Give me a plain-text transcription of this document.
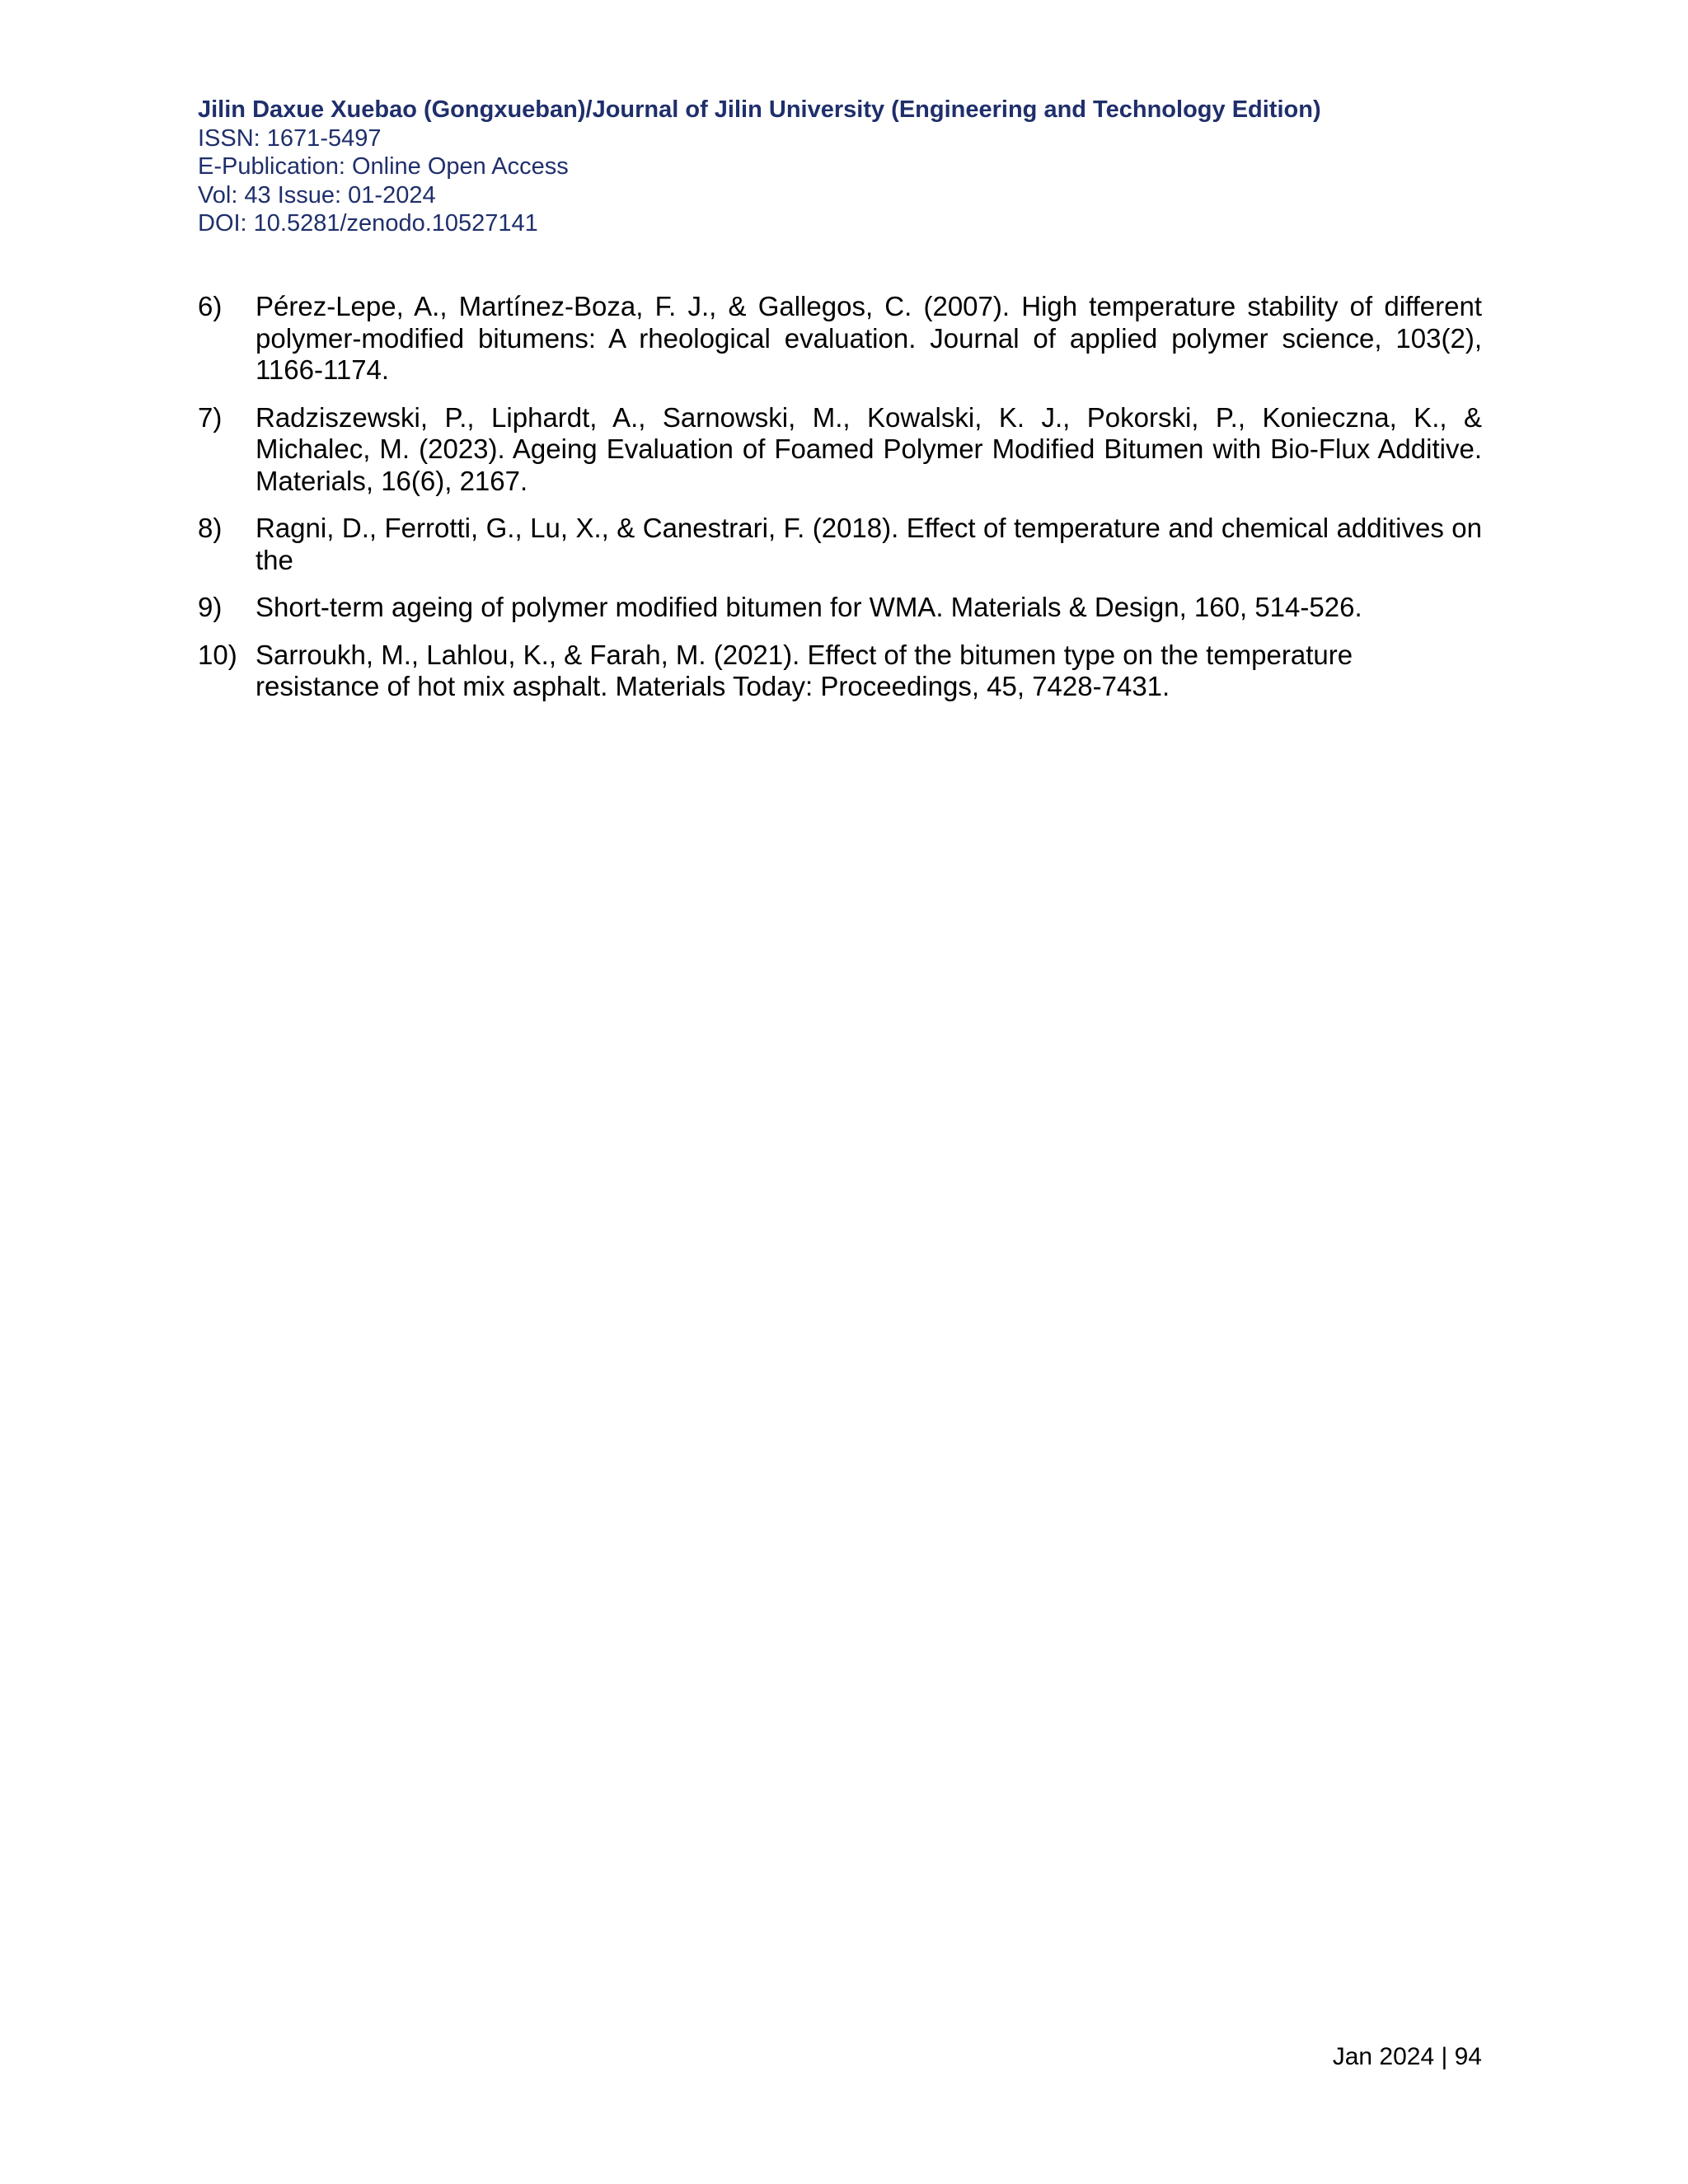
Jilin Daxue Xuebao (Gongxueban)/Journal of Jilin University (Engineering and Technology Edition)
ISSN: 1671-5497
E-Publication: Online Open Access
Vol: 43 Issue: 01-2024
DOI: 10.5281/zenodo.10527141
6)	Pérez-Lepe, A., Martínez-Boza, F. J., & Gallegos, C. (2007). High temperature stability of different polymer-modified bitumens: A rheological evaluation. Journal of applied polymer science, 103(2), 1166-1174.
7)	Radziszewski, P., Liphardt, A., Sarnowski, M., Kowalski, K. J., Pokorski, P., Konieczna, K., & Michalec, M. (2023). Ageing Evaluation of Foamed Polymer Modified Bitumen with Bio-Flux Additive. Materials, 16(6), 2167.
8)	Ragni, D., Ferrotti, G., Lu, X., & Canestrari, F. (2018). Effect of temperature and chemical additives on the
9)	Short-term ageing of polymer modified bitumen for WMA. Materials & Design, 160, 514-526.
10) Sarroukh, M., Lahlou, K., & Farah, M. (2021). Effect of the bitumen type on the temperature resistance of hot mix asphalt. Materials Today: Proceedings, 45, 7428-7431.
Jan 2024 | 94
